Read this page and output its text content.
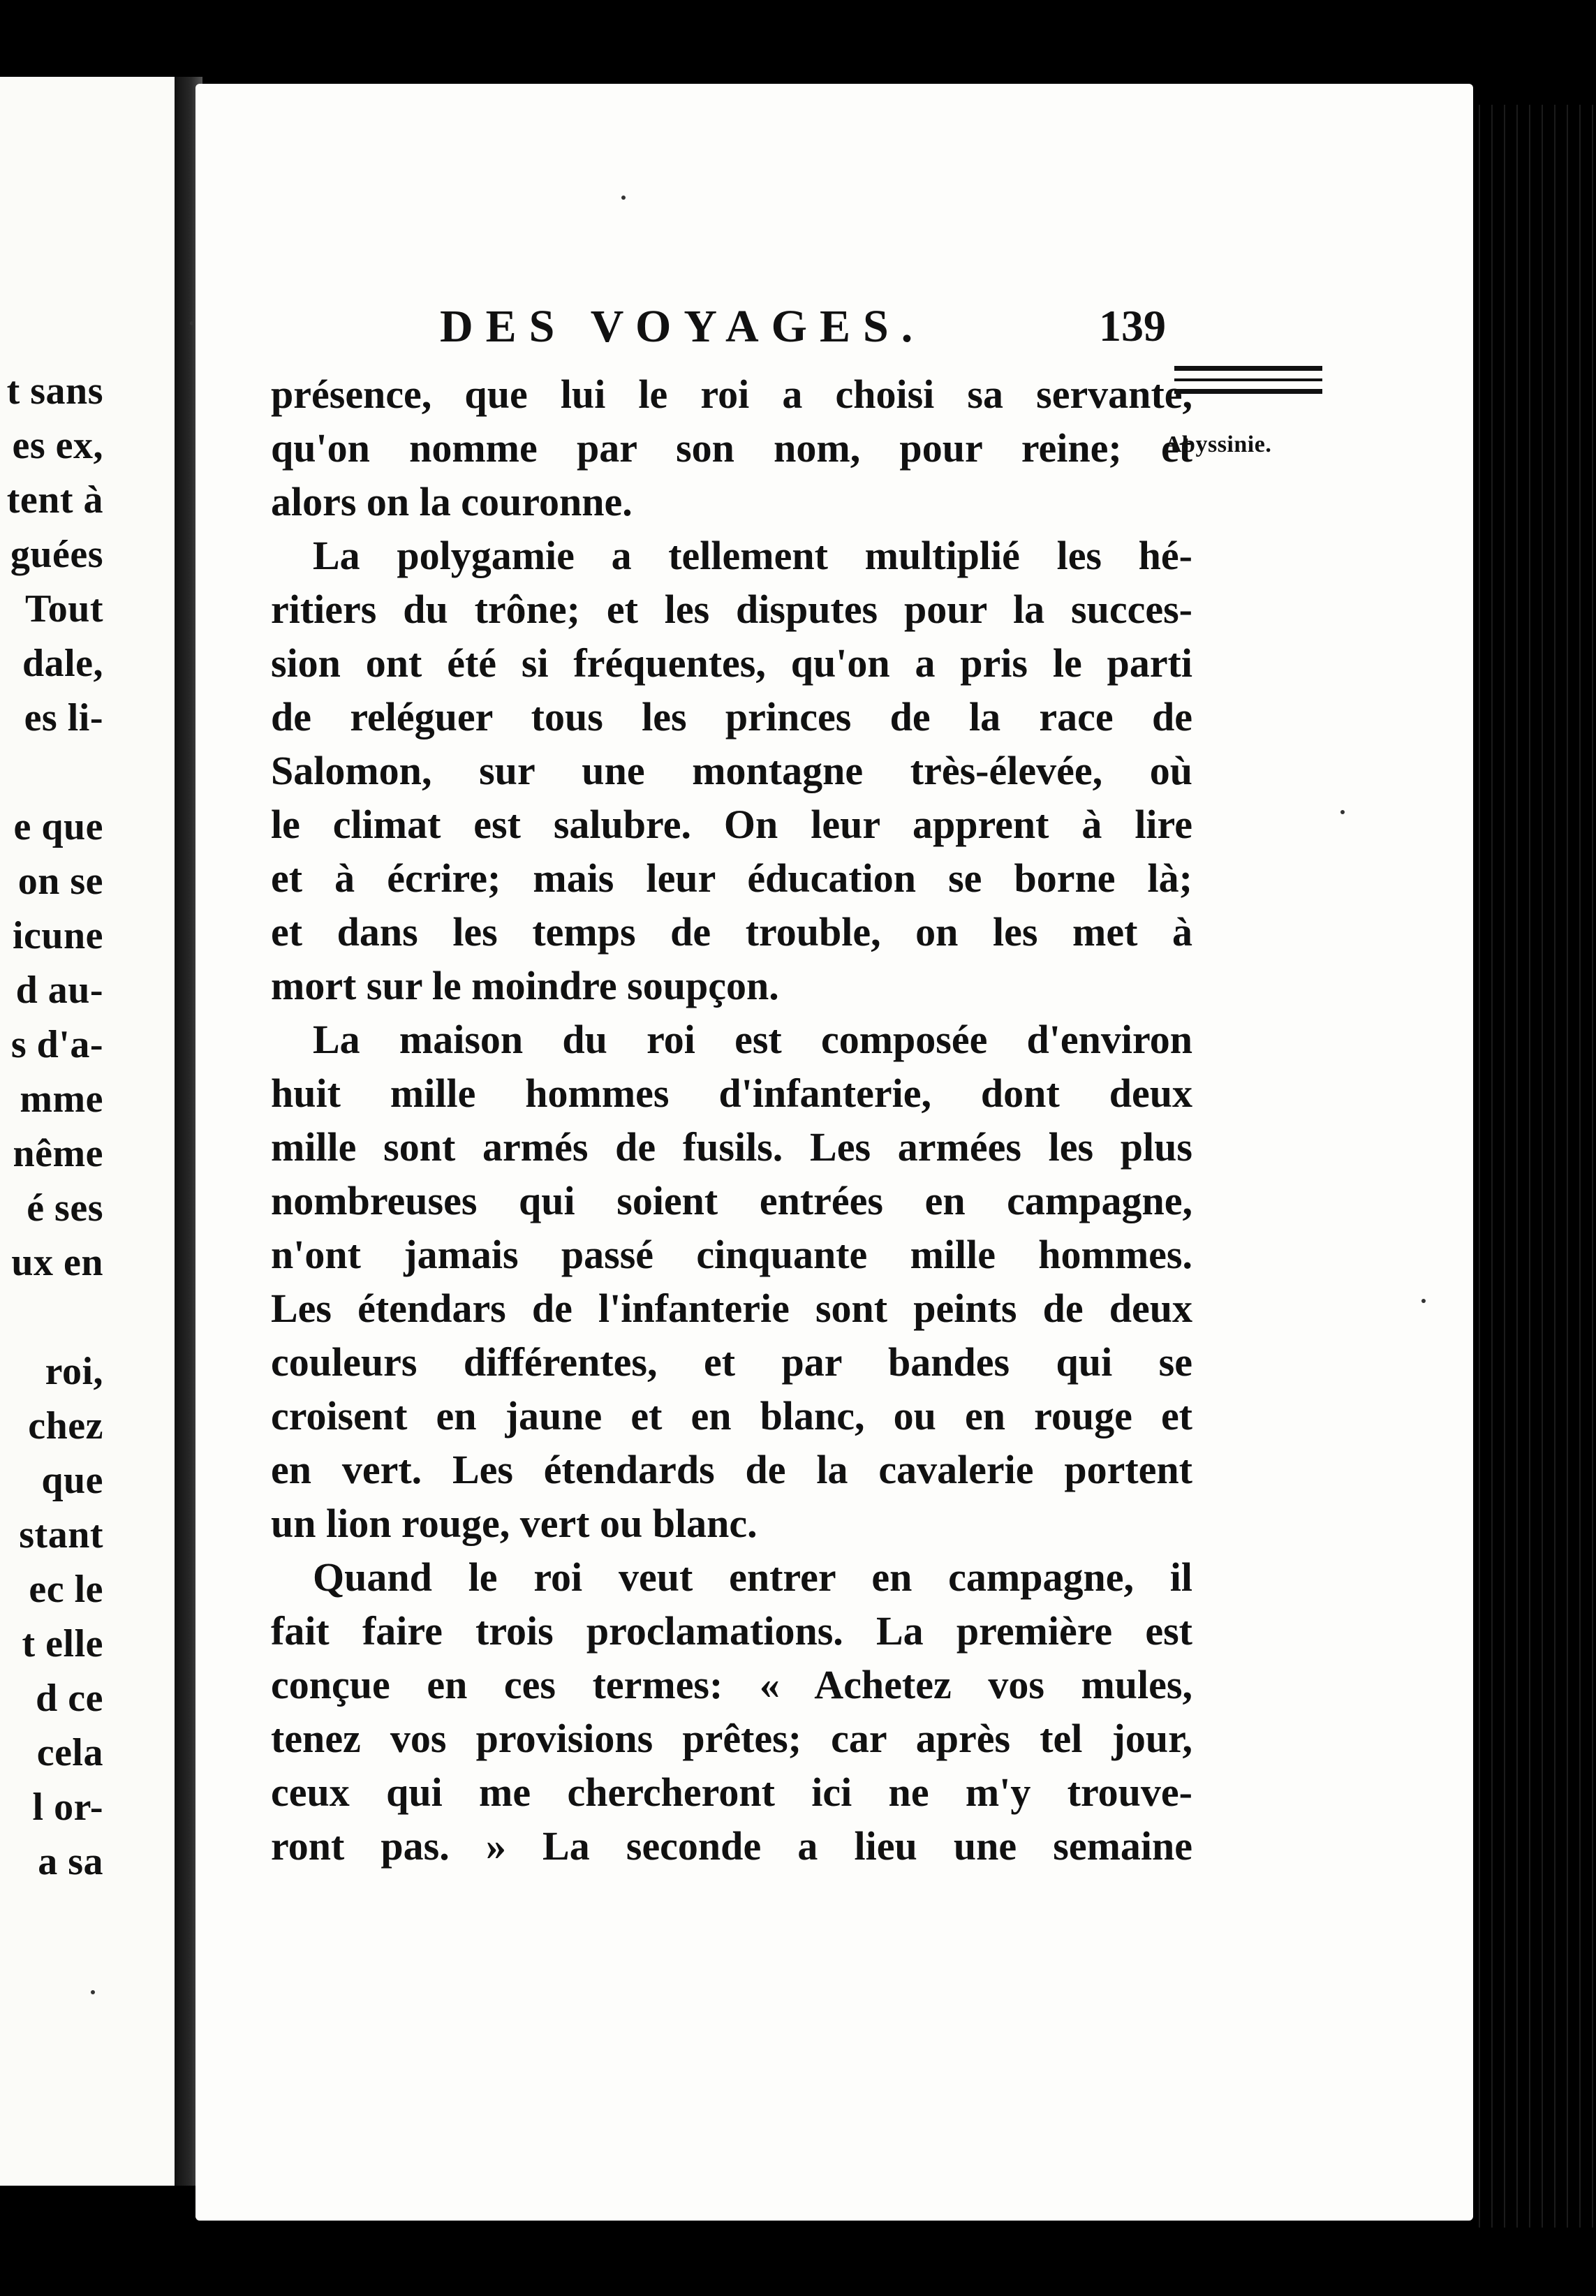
t sans
es ex,
tent à
guées
Tout
dale,
es li-
e que
on se
icune
d au-
s d'a-
mme
nême
é ses
ux en
roi,
chez
que
stant
ec le
t elle
d ce
cela
l or-
a sa
DES VOYAGES.	139
Abyssinie.
présence, que lui le roi a choisi sa servante,
qu'on nomme par son nom, pour reine; et
alors on la couronne.
La polygamie a tellement multiplié les hé-
ritiers du trône; et les disputes pour la succes-
sion ont été si fréquentes, qu'on a pris le parti
de reléguer tous les princes de la race de
Salomon, sur une montagne très-élevée, où
le climat est salubre. On leur apprent à lire
et à écrire; mais leur éducation se borne là;
et dans les temps de trouble, on les met à
mort sur le moindre soupçon.
La maison du roi est composée d'environ
huit mille hommes d'infanterie, dont deux
mille sont armés de fusils. Les armées les plus
nombreuses qui soient entrées en campagne,
n'ont jamais passé cinquante mille hommes.
Les étendars de l'infanterie sont peints de deux
couleurs différentes, et par bandes qui se
croisent en jaune et en blanc, ou en rouge et
en vert. Les étendards de la cavalerie portent
un lion rouge, vert ou blanc.
Quand le roi veut entrer en campagne, il
fait faire trois proclamations. La première est
conçue en ces termes: « Achetez vos mules,
tenez vos provisions prêtes; car après tel jour,
ceux qui me chercheront ici ne m'y trouve-
ront pas. » La seconde a lieu une semaine
